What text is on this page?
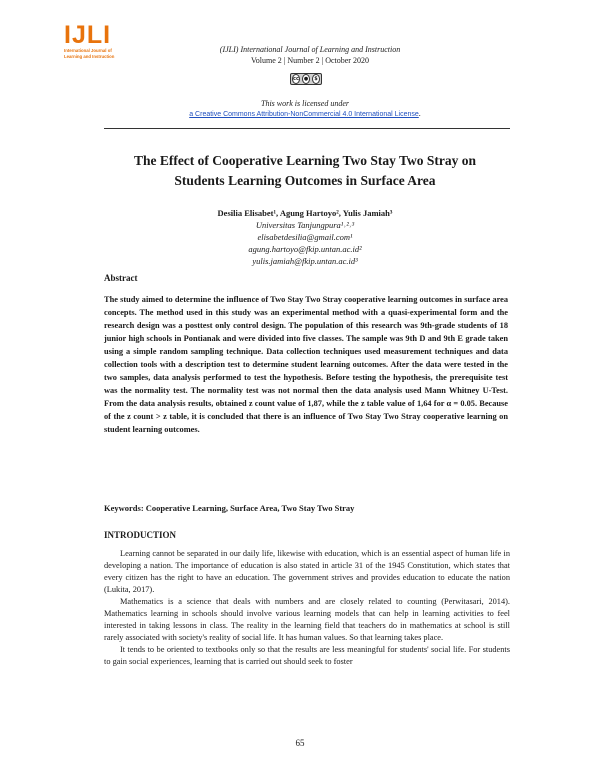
IJLI
International Journal of
Learning and Instruction
(IJLI) International Journal of Learning and Instruction
Volume 2 | Number 2 | October 2020
cc ●	$
This work is licensed under
a Creative Commons Attribution-NonCommercial 4.0 International License.
The Effect of Cooperative Learning Two Stay Two Stray on
Students Learning Outcomes in Surface Area
Desilia Elisabet¹, Agung Hartoyo², Yulis Jamiah³
Universitas Tanjungpura¹˒²˒³
elisabetdesilia@gmail.com¹
agung.hartoyo@fkip.untan.ac.id²
yulis.jamiah@fkip.untan.ac.id³
Abstract
The study aimed to determine the influence of Two Stay Two Stray cooperative learning outcomes in surface area concepts. The method used in this study was an experimental method with a quasi-experimental form and the research design was a posttest only control design. The population of this research was 9th-grade students of 18 junior high schools in Pontianak and were divided into five classes. The sample was 9th D and 9th E grade taken using a simple random sampling technique. Data collection techniques used measurement techniques and data collection tools with a description test to determine student learning outcomes. After the data were tested in the two samples, data analysis performed to test the hypothesis. Before testing the hypothesis, the prerequisite test was the normality test. The normality test was not normal then the data analysis used Mann Whitney U-Test. From the data analysis results, obtained z count value of 1,87, while the z table value of 1,64 for α = 0.05. Because of the z count > z table, it is concluded that there is an influence of Two Stay Two Stray cooperative learning on student learning outcomes.
Keywords: Cooperative Learning, Surface Area, Two Stay Two Stray
INTRODUCTION

Learning cannot be separated in our daily life, likewise with education, which is an essential aspect of human life in developing a nation. The importance of education is also stated in article 31 of the 1945 Constitution, which states that every citizen has the right to have an education. The government strives and provides education to educate the nation (Lukita, 2017).

Mathematics is a science that deals with numbers and are closely related to counting (Perwitasari, 2014). Mathematics learning in schools should involve various learning models that can help in learning activities to feel interested in taking lessons in class. The reality in the learning field that teachers do in mathematics at school is still rarely associated with society's reality of social life. It has human values. So that learning takes place.

It tends to be oriented to textbooks only so that the results are less meaningful for students' social life. For students to gain social experiences, learning that is carried out should seek to foster

65
